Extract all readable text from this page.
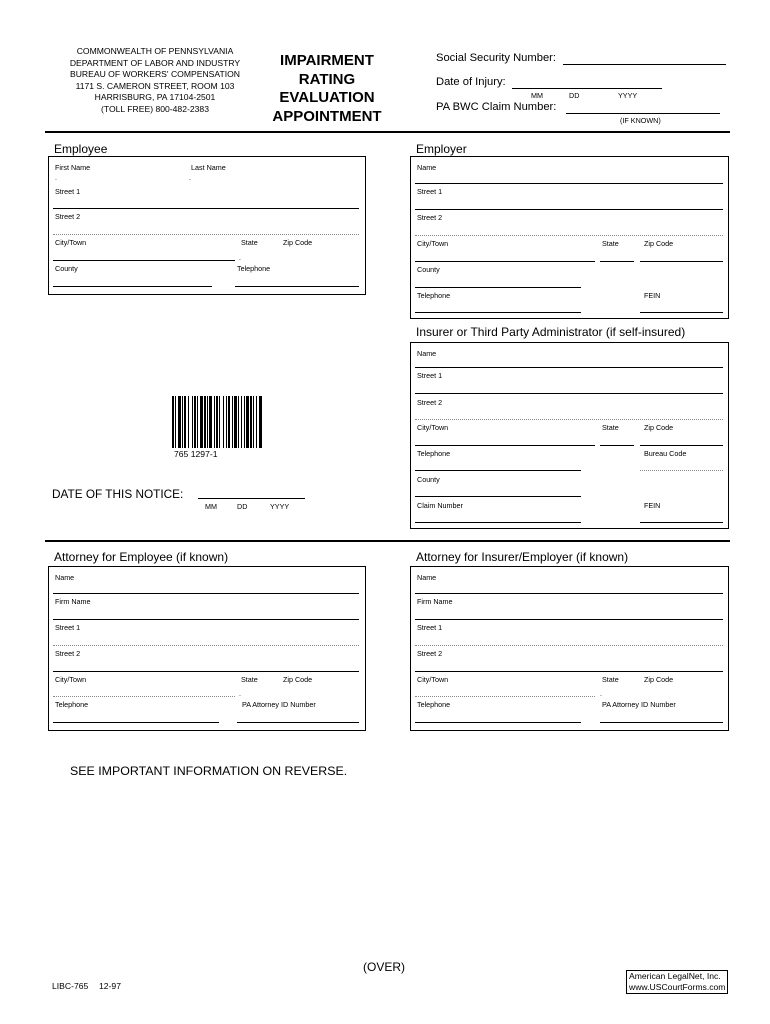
COMMONWEALTH OF PENNSYLVANIA
DEPARTMENT OF LABOR AND INDUSTRY
BUREAU OF WORKERS' COMPENSATION
1171 S. CAMERON STREET, ROOM 103
HARRISBURG, PA 17104-2501
(TOLL FREE) 800-482-2383
IMPAIRMENT
RATING
EVALUATION
APPOINTMENT
Social Security Number:
Date of Injury:
MM	DD	YYYY
PA BWC Claim Number:
(IF KNOWN)
Employee
First Name	Last Name
.	.
Street 1
Street 2
City/Town	State	Zip Code
.
County	Telephone
Employer
Name
Street 1
Street 2
City/Town	State	Zip Code
County
Telephone	FEIN
Insurer or Third Party Administrator (if self-insured)
Name
Street 1
Street 2
City/Town	State	Zip Code
Telephone	Bureau Code
County
Claim Number	FEIN
765 1297-1
DATE OF THIS NOTICE:
MM	DD	YYYY
Attorney for Employee (if known)
Name
Firm Name
Street 1
Street 2
City/Town	State	Zip Code
.
Telephone	PA Attorney ID Number
Attorney for Insurer/Employer (if known)
Name
Firm Name
Street 1
Street 2
City/Town	State	Zip Code
.
Telephone	PA Attorney ID Number
SEE IMPORTANT INFORMATION ON REVERSE.
(OVER)
LIBC-765 12-97
American LegalNet, Inc.
www.USCourtForms.com
